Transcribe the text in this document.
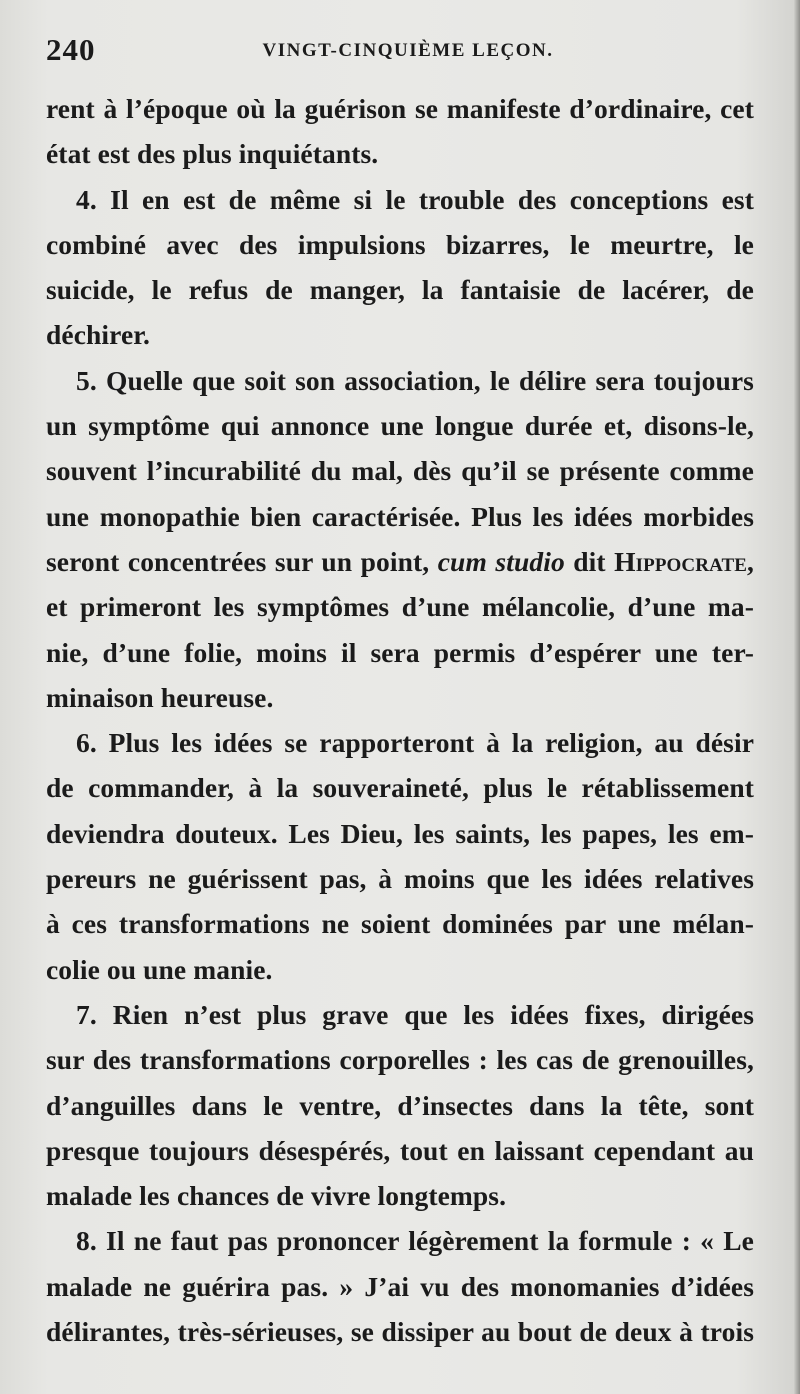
240	VINGT-CINQUIÈME LEÇON.
rent à l’époque où la guérison se manifeste d’ordinaire, cet
état est des plus inquiétants.
4. Il en est de même si le trouble des conceptions est
combiné avec des impulsions bizarres, le meurtre, le
suicide, le refus de manger, la fantaisie de lacérer, de
déchirer.
5. Quelle que soit son association, le délire sera toujours
un symptôme qui annonce une longue durée et, disons-le,
souvent l’incurabilité du mal, dès qu’il se présente comme
une monopathie bien caractérisée. Plus les idées morbides
seront concentrées sur un point, cum studio dit Hippocrate,
et primeront les symptômes d’une mélancolie, d’une ma-
nie, d’une folie, moins il sera permis d’espérer une ter-
minaison heureuse.
6. Plus les idées se rapporteront à la religion, au désir
de commander, à la souveraineté, plus le rétablissement
deviendra douteux. Les Dieu, les saints, les papes, les em-
pereurs ne guérissent pas, à moins que les idées relatives
à ces transformations ne soient dominées par une mélan-
colie ou une manie.
7. Rien n’est plus grave que les idées fixes, dirigées
sur des transformations corporelles : les cas de grenouilles,
d’anguilles dans le ventre, d’insectes dans la tête, sont
presque toujours désespérés, tout en laissant cependant au
malade les chances de vivre longtemps.
8. Il ne faut pas prononcer légèrement la formule : « Le
malade ne guérira pas. » J’ai vu des monomanies d’idées
délirantes, très-sérieuses, se dissiper au bout de deux à trois
